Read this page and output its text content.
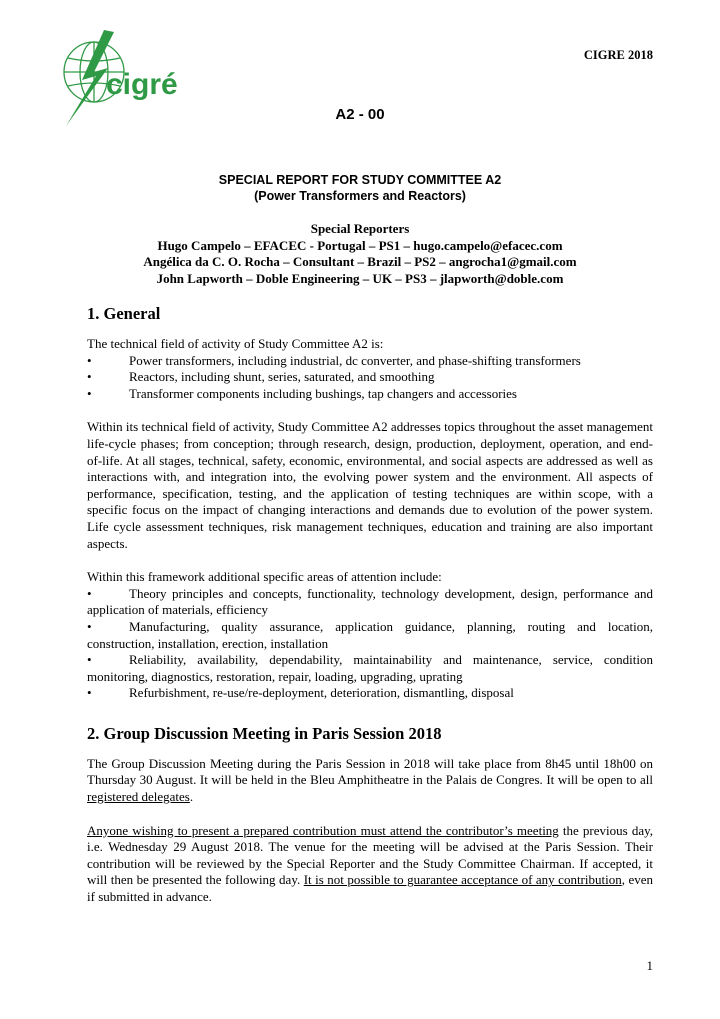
cigré
CIGRE 2018
A2 - 00
SPECIAL REPORT FOR STUDY COMMITTEE A2
(Power Transformers and Reactors)
Special Reporters
Hugo Campelo – EFACEC - Portugal – PS1 – hugo.campelo@efacec.com
Angélica da C. O. Rocha – Consultant – Brazil – PS2 – angrocha1@gmail.com
John Lapworth – Doble Engineering – UK – PS3 – jlapworth@doble.com
1. General

The technical field of activity of Study Committee A2 is:

•	Power transformers, including industrial, dc converter, and phase-shifting transformers
•	Reactors, including shunt, series, saturated, and smoothing
•	Transformer components including bushings, tap changers and accessories

Within its technical field of activity, Study Committee A2 addresses topics throughout the asset management life-cycle phases; from conception; through research, design, production, deployment, operation, and end-of-life. At all stages, technical, safety, economic, environmental, and social aspects are addressed as well as interactions with, and integration into, the evolving power system and the environment. All aspects of performance, specification, testing, and the application of testing techniques are within scope, with a specific focus on the impact of changing interactions and demands due to evolution of the power system. Life cycle assessment techniques, risk management techniques, education and training are also important aspects.

Within this framework additional specific areas of attention include:

•	Theory principles and concepts, functionality, technology development, design, performance and application of materials, efficiency
•	Manufacturing, quality assurance, application guidance, planning, routing and location, construction, installation, erection, installation
•	Reliability, availability, dependability, maintainability and maintenance, service, condition monitoring, diagnostics, restoration, repair, loading, upgrading, uprating
•	Refurbishment, re-use/re-deployment, deterioration, dismantling, disposal
2. Group Discussion Meeting in Paris Session 2018

The Group Discussion Meeting during the Paris Session in 2018 will take place from 8h45 until 18h00 on Thursday 30 August. It will be held in the Bleu Amphitheatre in the Palais de Congres. It will be open to all registered delegates.

Anyone wishing to present a prepared contribution must attend the contributor’s meeting the previous day, i.e. Wednesday 29 August 2018. The venue for the meeting will be advised at the Paris Session. Their contribution will be reviewed by the Special Reporter and the Study Committee Chairman. If accepted, it will then be presented the following day. It is not possible to guarantee acceptance of any contribution, even if submitted in advance.

1
